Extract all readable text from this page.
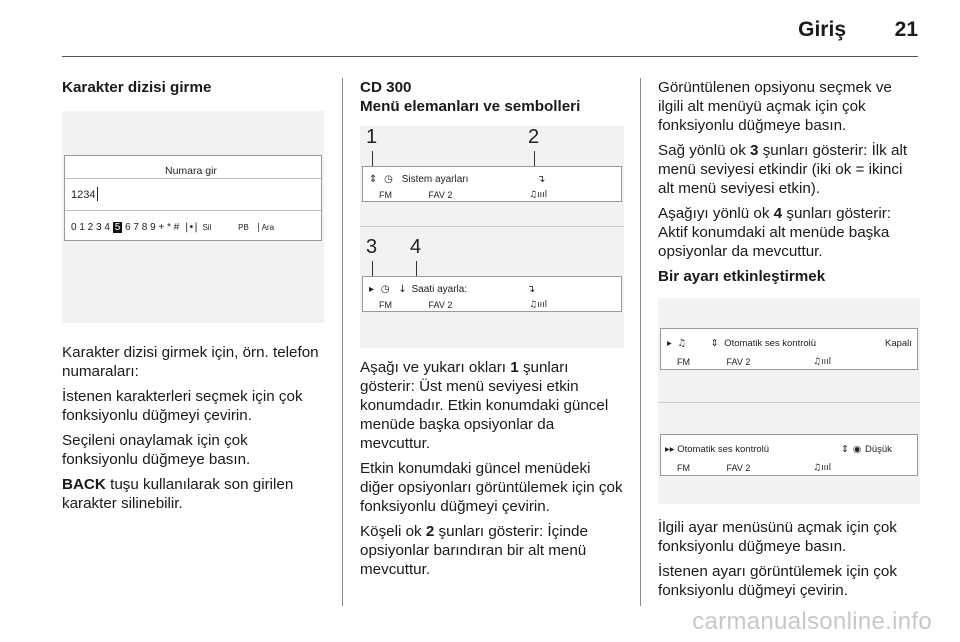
Giriş 21
Karakter dizisi girme
Numara gir
1234
0 1 2 3 4 5 6 7 8 9 + * # |•| Sil	PB Ara

Karakter dizisi girmek için, örn. telefon numaraları:

İstenen karakterleri seçmek için çok fonksiyonlu düğmeyi çevirin.

Seçileni onaylamak için çok fonksiyonlu düğmeye basın.

BACK tuşu kullanılarak son girilen karakter silinebilir.

CD 300
Menü elemanları ve sembolleri
1	2
⇕ ◷ Sistem ayarları	↴
FM	FAV 2	♫ıııl
3 4
▸ ◷ ↓ Saati ayarla:	↴
FM	FAV 2	♫ıııl

Aşağı ve yukarı okları 1 şunları gösterir: Üst menü seviyesi etkin konumdadır. Etkin konumdaki güncel menüde başka opsiyonlar da mevcuttur.

Etkin konumdaki güncel menüdeki diğer opsiyonları görüntülemek için çok fonksiyonlu düğmeyi çevirin.

Köşeli ok 2 şunları gösterir: İçinde opsiyonlar barındıran bir alt menü mevcuttur.

Görüntülenen opsiyonu seçmek ve ilgili alt menüyü açmak için çok fonksiyonlu düğmeye basın.

Sağ yönlü ok 3 şunları gösterir: İlk alt menü seviyesi etkindir (iki ok = ikinci alt menü seviyesi etkin).

Aşağıyı yönlü ok 4 şunları gösterir: Aktif konumdaki alt menüde başka opsiyonlar da mevcuttur.

Bir ayarı etkinleştirmek
▸ ♫	⇕ Otomatik ses kontrolü	Kapalı
FM	FAV 2	♫ıııl
▸▸ Otomatik ses kontrolü	⇕ ◉ Düşük
FM	FAV 2	♫ıııl

İlgili ayar menüsünü açmak için çok fonksiyonlu düğmeye basın.

İstenen ayarı görüntülemek için çok fonksiyonlu düğmeyi çevirin.

carmanualsonline.info
